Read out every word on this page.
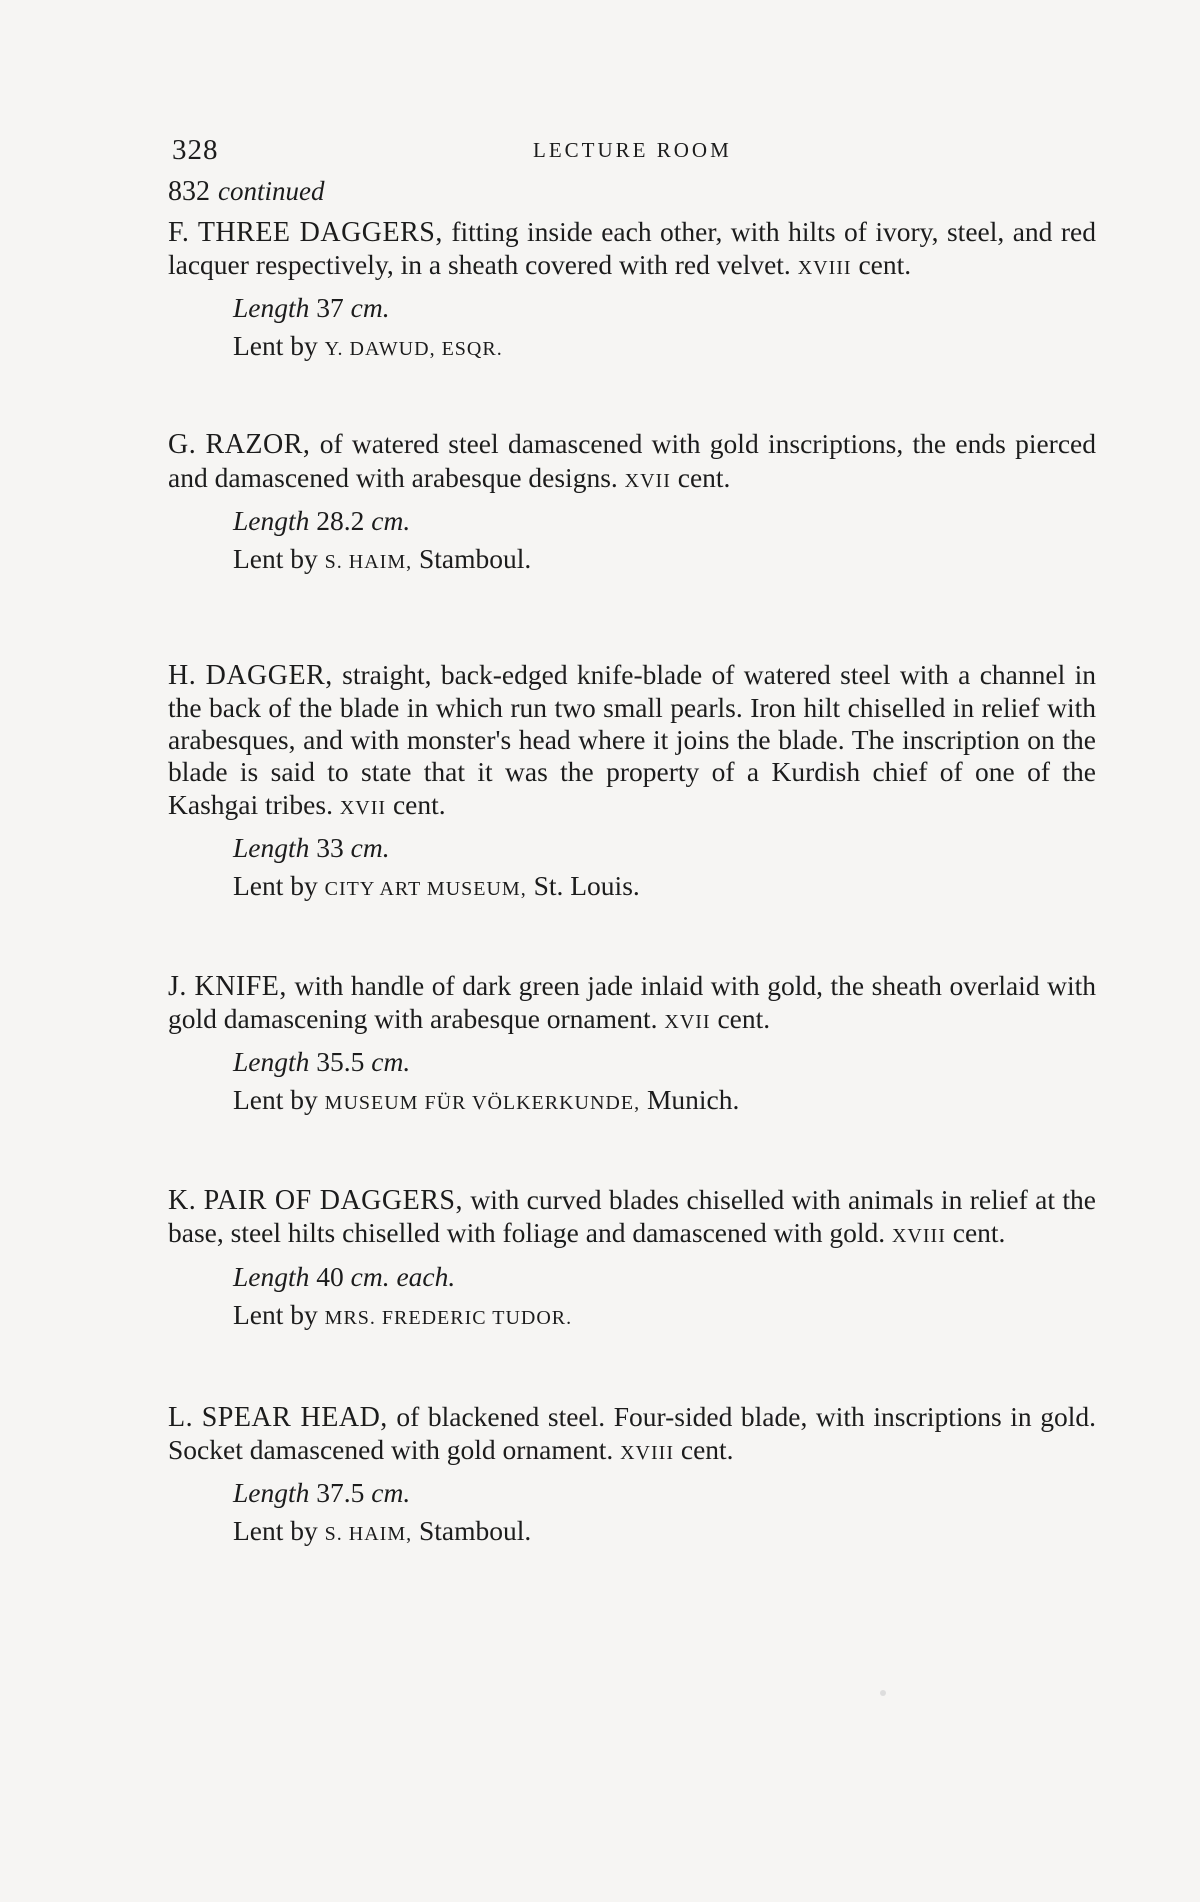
328	LECTURE ROOM
832 continued

F. THREE DAGGERS, fitting inside each other, with hilts of ivory, steel, and red lacquer respectively, in a sheath covered with red velvet. XVIII cent.

Length 37 cm.
Lent by Y. DAWUD, ESQR.

G. RAZOR, of watered steel damascened with gold inscriptions, the ends pierced and damascened with arabesque designs. XVII cent.

Length 28.2 cm.
Lent by S. HAIM, Stamboul.

H. DAGGER, straight, back-edged knife-blade of watered steel with a channel in the back of the blade in which run two small pearls. Iron hilt chiselled in relief with arabesques, and with monster's head where it joins the blade. The inscription on the blade is said to state that it was the property of a Kurdish chief of one of the Kashgai tribes. XVII cent.

Length 33 cm.
Lent by CITY ART MUSEUM, St. Louis.

J. KNIFE, with handle of dark green jade inlaid with gold, the sheath overlaid with gold damascening with arabesque ornament. XVII cent.

Length 35.5 cm.
Lent by MUSEUM FÜR VÖLKERKUNDE, Munich.

K. PAIR OF DAGGERS, with curved blades chiselled with animals in relief at the base, steel hilts chiselled with foliage and damascened with gold. XVIII cent.

Length 40 cm. each.
Lent by MRS. FREDERIC TUDOR.

L. SPEAR HEAD, of blackened steel. Four-sided blade, with inscriptions in gold. Socket damascened with gold ornament. XVIII cent.

Length 37.5 cm.
Lent by S. HAIM, Stamboul.
